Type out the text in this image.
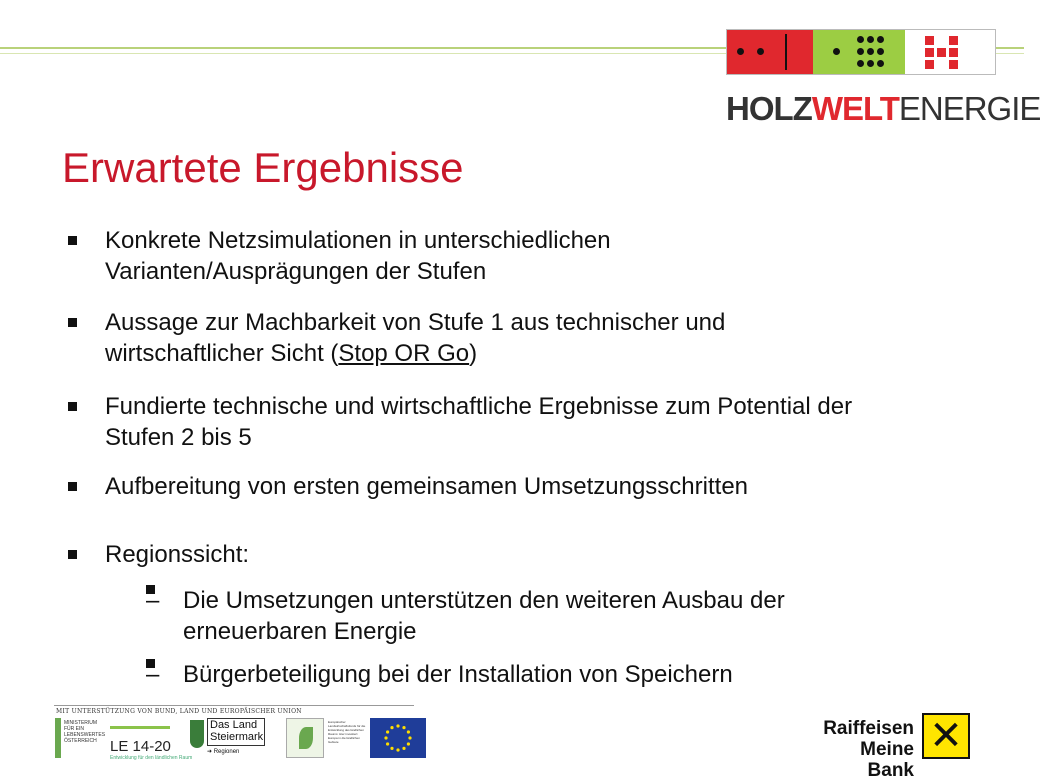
HOLZWELTENERGIE
Erwartete Ergebnisse
Konkrete Netzsimulationen in unterschiedlichen
Varianten/Ausprägungen der Stufen
Aussage zur Machbarkeit von Stufe 1 aus technischer und
wirtschaftlicher Sicht (Stop OR Go)
Fundierte technische und wirtschaftliche Ergebnisse zum Potential der
Stufen 2 bis 5
Aufbereitung von ersten gemeinsamen Umsetzungsschritten
Regionssicht:
– Die Umsetzungen unterstützen den weiteren Ausbau der
erneuerbaren Energie
– Bürgerbeteiligung bei der Installation von Speichern
MIT UNTERSTÜTZUNG VON BUND, LAND UND EUROPÄISCHER UNION
MINISTERIUM FÜR EIN LEBENSWERTES ÖSTERREICH LE 14-20
Entwicklung für den ländlichen Raum
Das Land
Steiermark
➜ Regionen
Europäischer Landwirtschaftsfonds für die Entwicklung des ländlichen Raums: Hier investiert Europa in die ländlichen Gebiete
Raiffeisen
Meine Bank
✕
